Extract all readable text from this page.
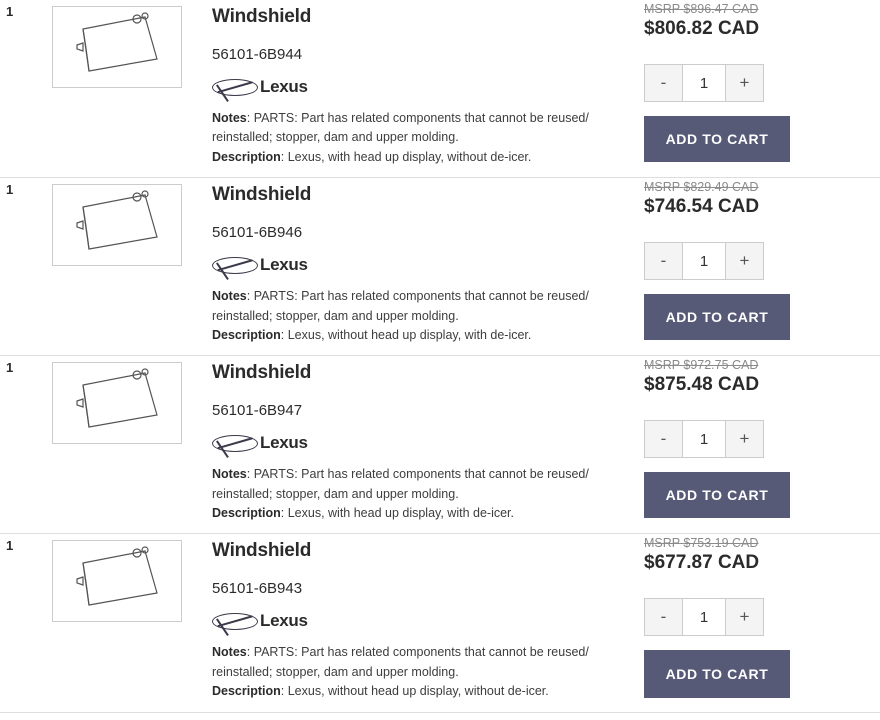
1	Windshield
56101-6B944
Lexus

Notes: PARTS: Part has related components that cannot be reused/ reinstalled; stopper, dam and upper molding.

Description: Lexus, with head up display, without de-icer.

MSRP $896.47 CAD
$806.82 CAD
-
1	+
ADD TO CART
1	Windshield
56101-6B946
Lexus

Notes: PARTS: Part has related components that cannot be reused/ reinstalled; stopper, dam and upper molding.

Description: Lexus, without head up display, with de-icer.

MSRP $829.49 CAD
$746.54 CAD
-
1	+
ADD TO CART
1	Windshield
56101-6B947
Lexus

Notes: PARTS: Part has related components that cannot be reused/ reinstalled; stopper, dam and upper molding.

Description: Lexus, with head up display, with de-icer.

MSRP $972.75 CAD
$875.48 CAD
-
1	+
ADD TO CART
1	Windshield
56101-6B943
Lexus

Notes: PARTS: Part has related components that cannot be reused/ reinstalled; stopper, dam and upper molding.

Description: Lexus, without head up display, without de-icer.

MSRP $753.19 CAD
$677.87 CAD
-
1	+
ADD TO CART
